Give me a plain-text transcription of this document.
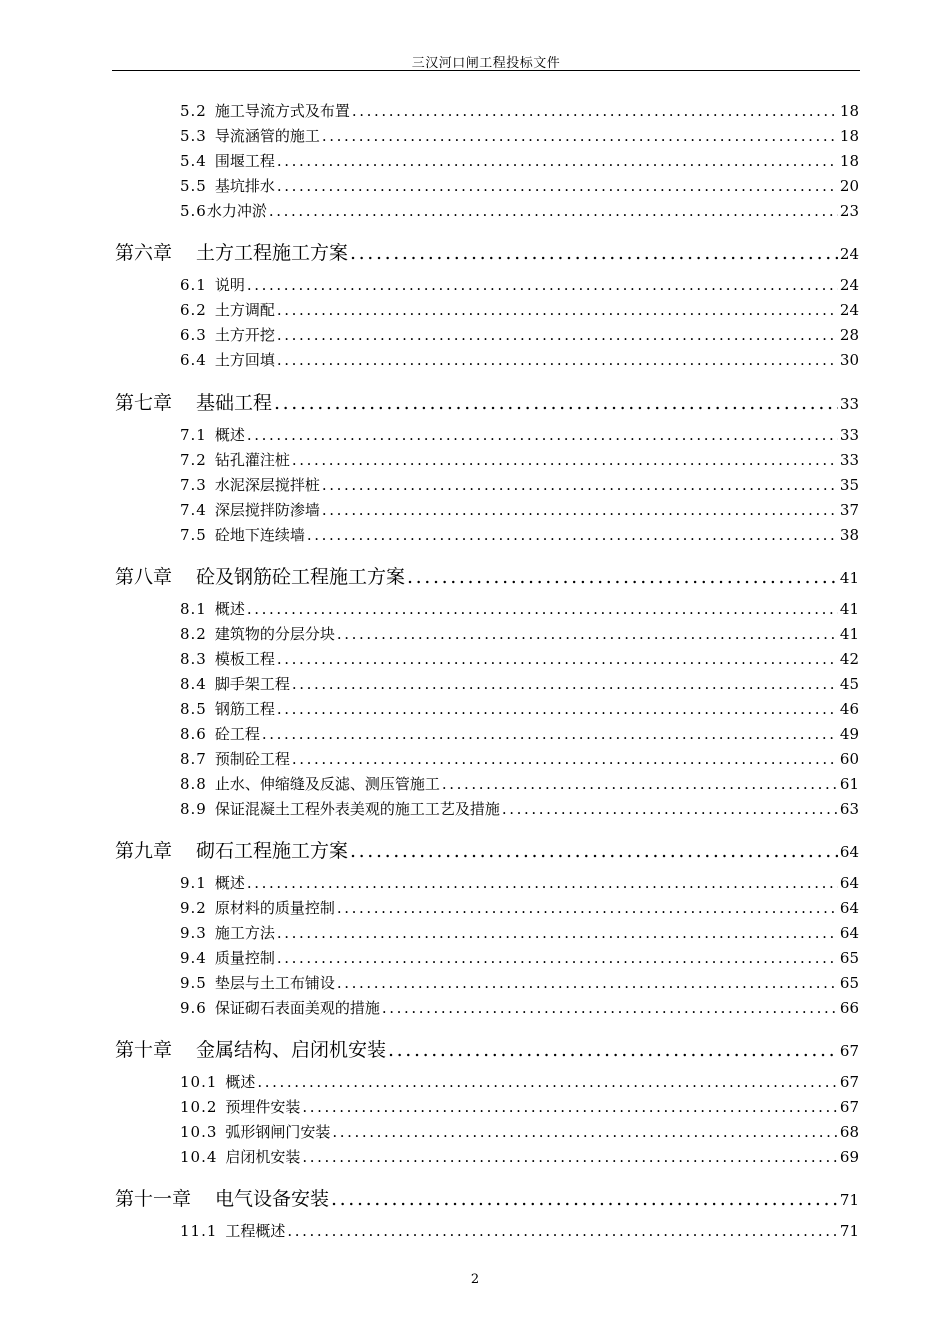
三汉河口闸工程投标文件
5.2 施工导流方式及布置 .....	18
5.3 导流涵管的施工 .....	18
5.4 围堰工程 .....	18
5.5 基坑排水 .....	20
5.6 水力冲淤 .....	23
第六章 土方工程施工方案 .....	24
6.1 说明 .....	24
6.2 土方调配 .....	24
6.3 土方开挖 .....	28
6.4 土方回填 .....	30
第七章 基础工程 .....	33
7.1 概述 .....	33
7.2 钻孔灌注桩 .....	33
7.3 水泥深层搅拌桩 .....	35
7.4 深层搅拌防渗墙 .....	37
7.5 砼地下连续墙 .....	38
第八章 砼及钢筋砼工程施工方案 .....	41
8.1 概述 .....	41
8.2 建筑物的分层分块 .....	41
8.3 模板工程 .....	42
8.4 脚手架工程 .....	45
8.5 钢筋工程 .....	46
8.6 砼工程 .....	49
8.7 预制砼工程 .....	60
8.8 止水、伸缩缝及反滤、测压管施工 .....	61
8.9 保证混凝土工程外表美观的施工工艺及措施 .....	63
第九章 砌石工程施工方案 .....	64
9.1 概述 .....	64
9.2 原材料的质量控制 .....	64
9.3 施工方法 .....	64
9.4 质量控制 .....	65
9.5 垫层与土工布铺设 .....	65
9.6 保证砌石表面美观的措施 .....	66
第十章 金属结构、启闭机安装 .....	67
10.1 概述 .....	67
10.2 预埋件安装 .....	67
10.3 弧形钢闸门安装 .....	68
10.4 启闭机安装 .....	69
第十一章 电气设备安装 .....	71
11.1 工程概述 .....	71
2
